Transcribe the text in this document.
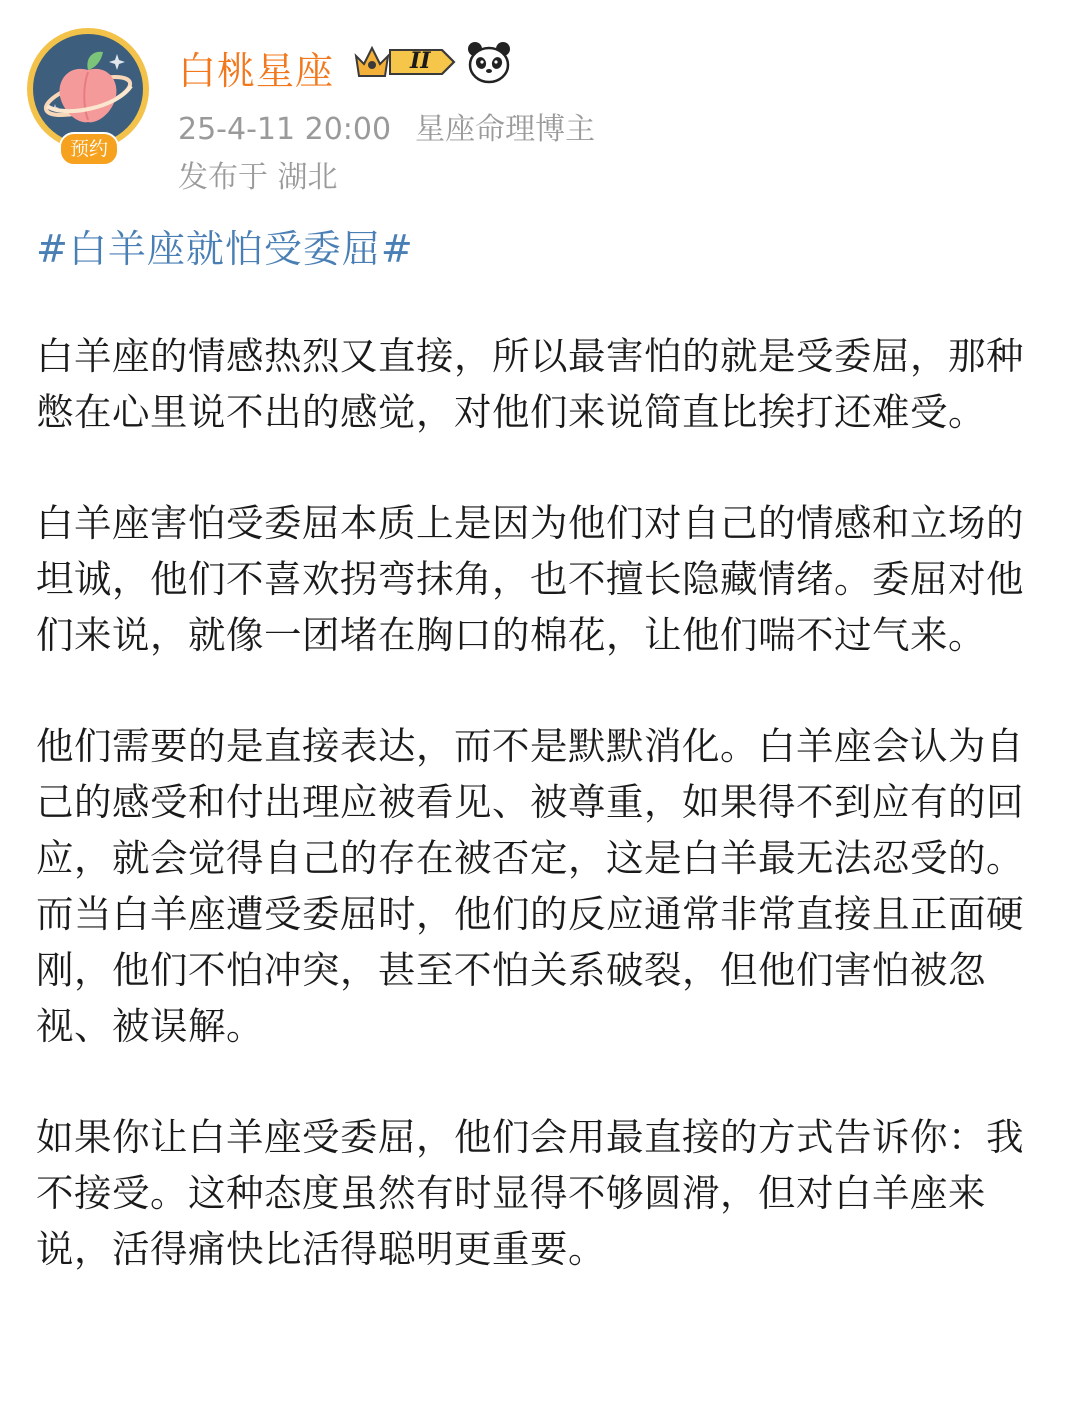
预约
白桃星座	II
25-4-11 20:00 星座命理博主
发布于 湖北
#白羊座就怕受委屈#

白羊座的情感热烈又直接，所以最害怕的就是受委屈，那种憋在心里说不出的感觉，对他们来说简直比挨打还难受。

白羊座害怕受委屈本质上是因为他们对自己的情感和立场的坦诚，他们不喜欢拐弯抹角，也不擅长隐藏情绪。委屈对他们来说，就像一团堵在胸口的棉花，让他们喘不过气来。

他们需要的是直接表达，而不是默默消化。白羊座会认为自己的感受和付出理应被看见、被尊重，如果得不到应有的回应，就会觉得自己的存在被否定，这是白羊最无法忍受的。而当白羊座遭受委屈时，他们的反应通常非常直接且正面硬刚，他们不怕冲突，甚至不怕关系破裂，但他们害怕被忽视、被误解。

如果你让白羊座受委屈，他们会用最直接的方式告诉你：我不接受。这种态度虽然有时显得不够圆滑，但对白羊座来说，活得痛快比活得聪明更重要。
